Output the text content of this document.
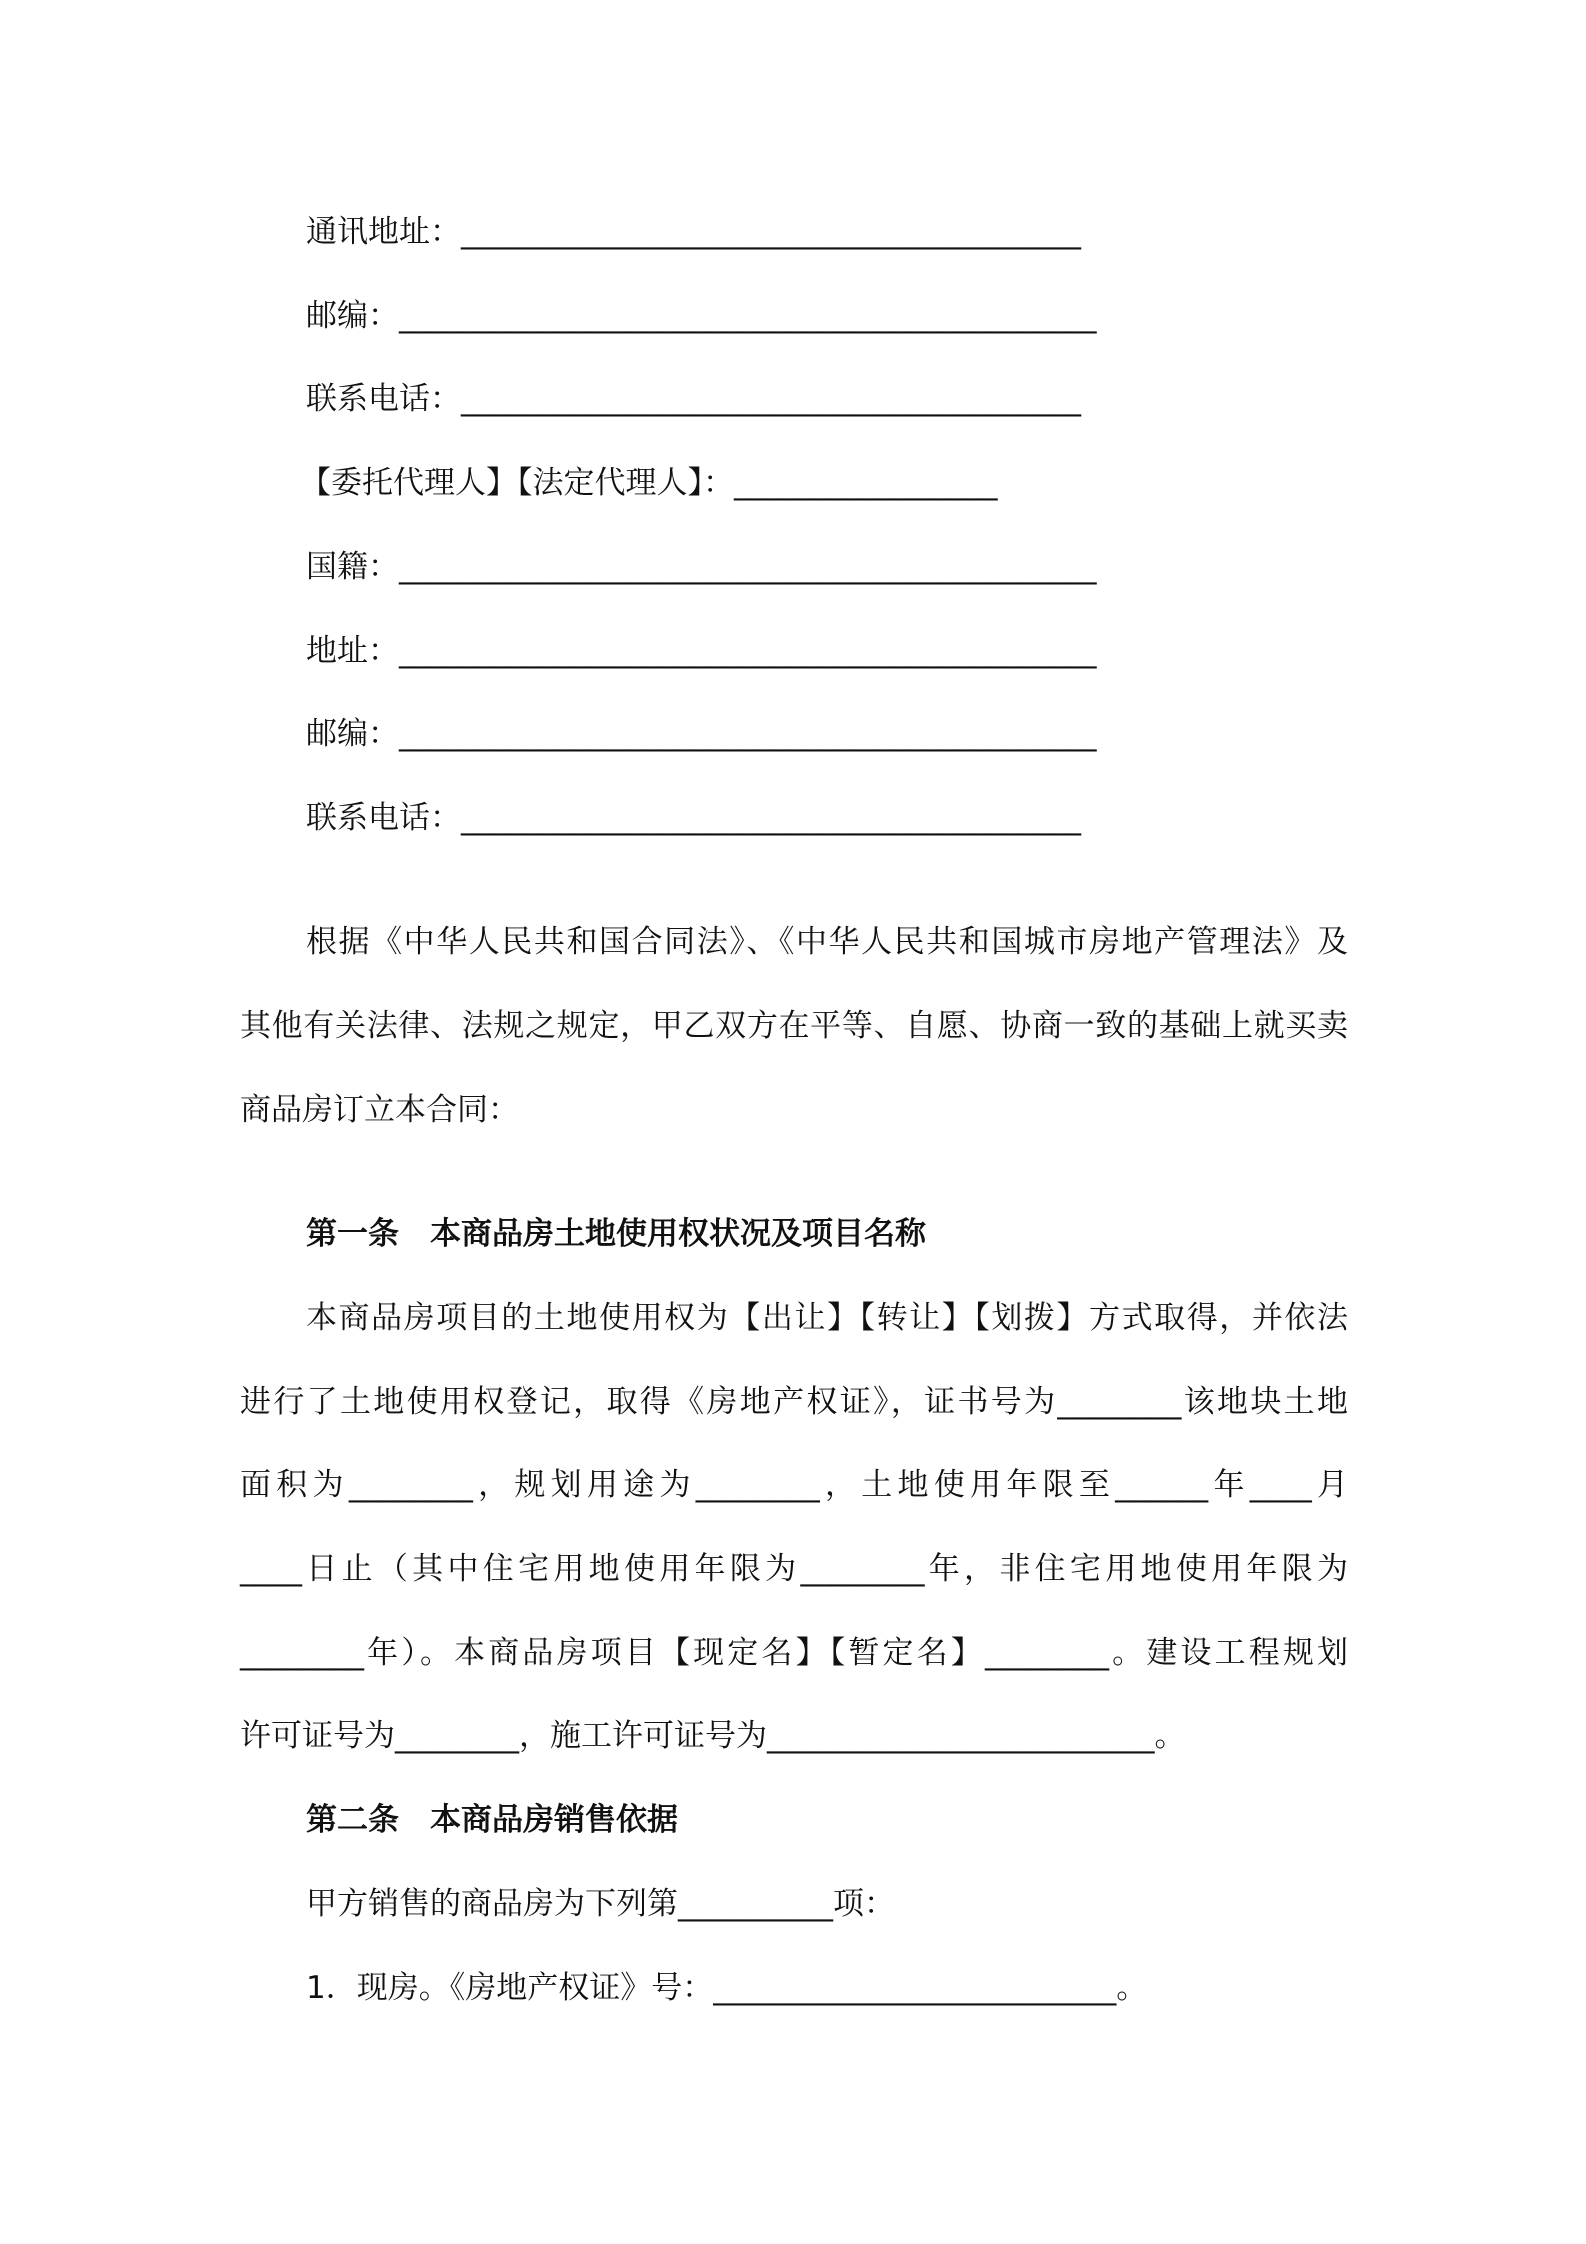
通讯地址：________________________________________
邮编：_____________________________________________
联系电话：________________________________________
【委托代理人】【法定代理人】：_________________
国籍：_____________________________________________
地址：_____________________________________________
邮编：_____________________________________________
联系电话：________________________________________
根据《中华人民共和国合同法》、《中华人民共和国城市房地产管理法》及
其他有关法律、法规之规定，甲乙双方在平等、自愿、协商一致的基础上就买卖
商品房订立本合同：
第一条　本商品房土地使用权状况及项目名称
本商品房项目的土地使用权为【出让】【转让】【划拨】方式取得，并依法
进行了土地使用权登记，取得《房地产权证》，证书号为________该地块土地
面积为________，规划用途为________，土地使用年限至______年____月
____日止（其中住宅用地使用年限为________年，非住宅用地使用年限为
________年）。本商品房项目【现定名】【暂定名】________。建设工程规划
许可证号为________，施工许可证号为_________________________。
第二条　本商品房销售依据
甲方销售的商品房为下列第__________项：
1．现房。《房地产权证》号：__________________________。
